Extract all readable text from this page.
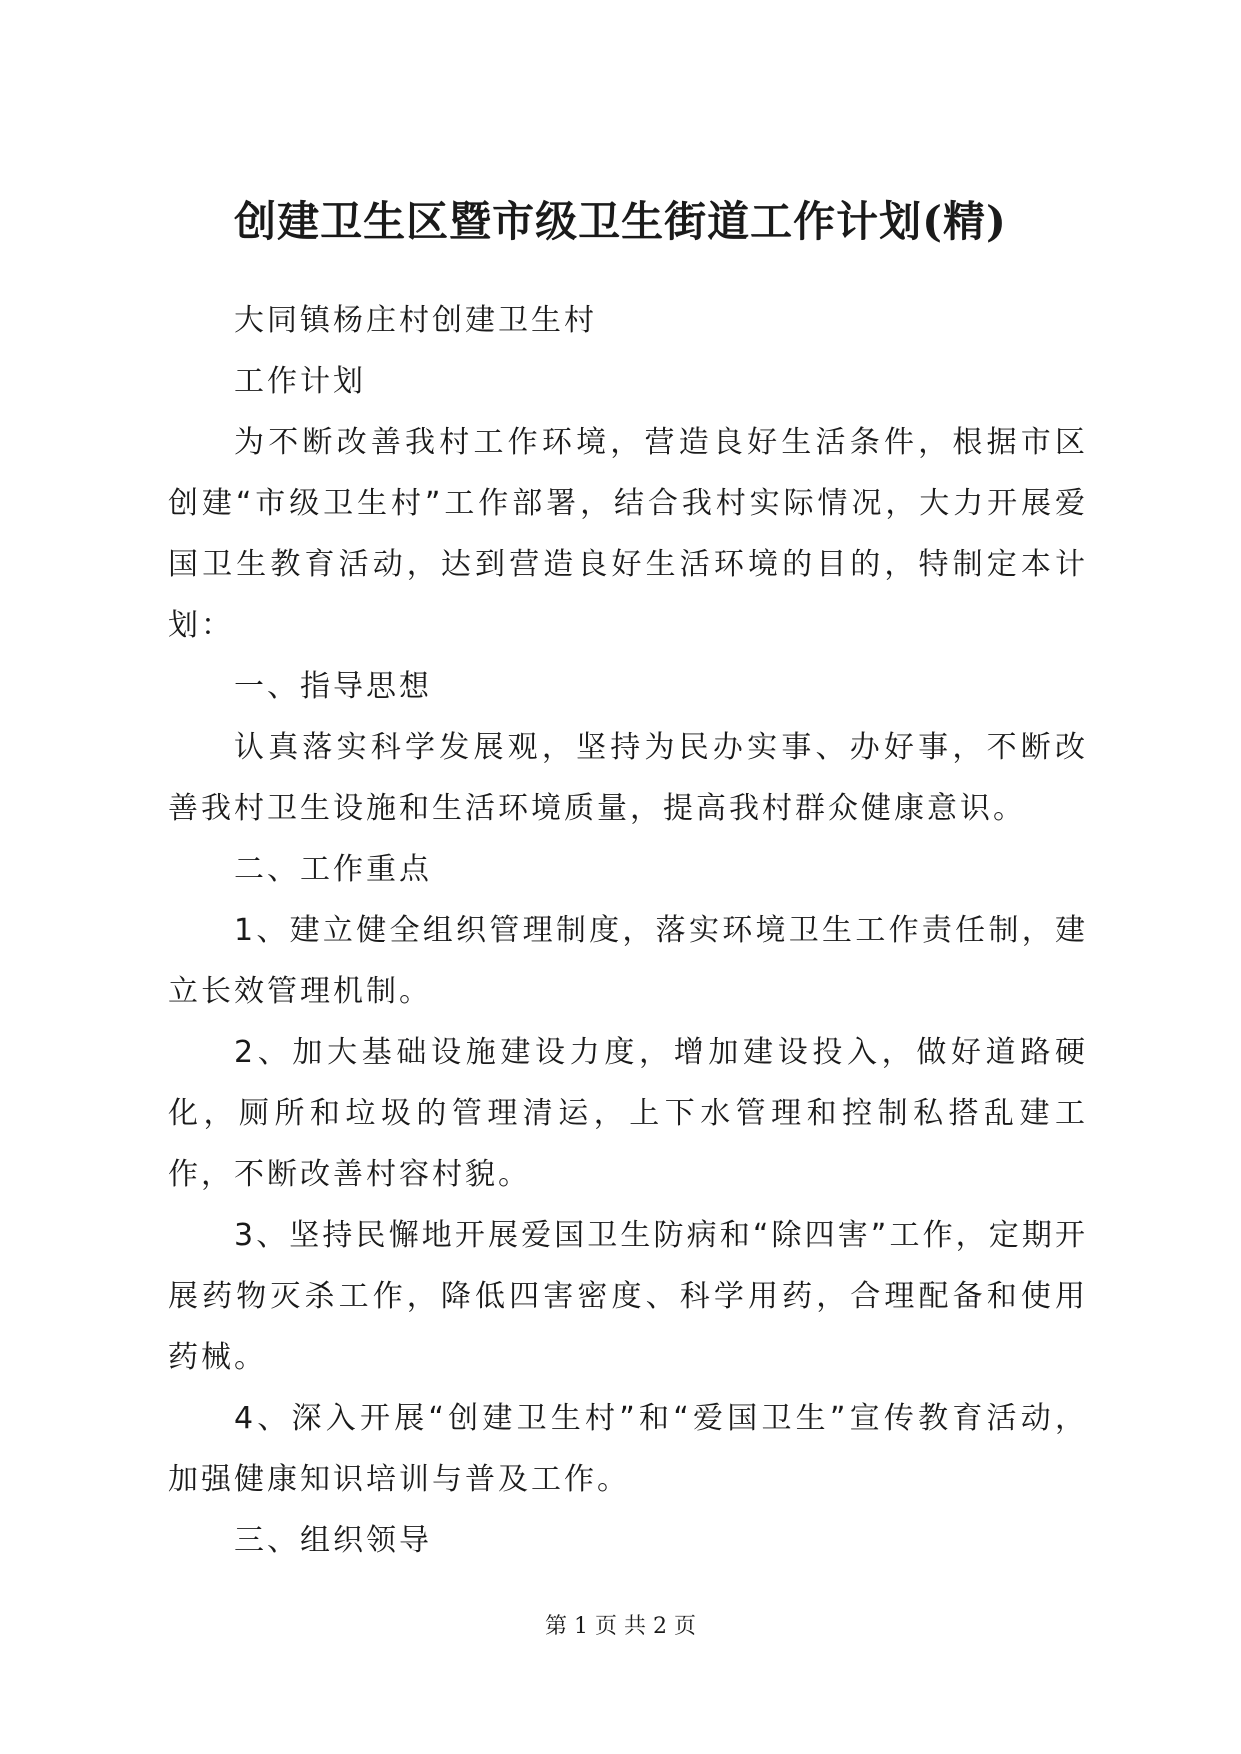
创建卫生区暨市级卫生街道工作计划(精)

大同镇杨庄村创建卫生村

工作计划

为不断改善我村工作环境，营造良好生活条件，根据市区创建“市级卫生村”工作部署，结合我村实际情况，大力开展爱国卫生教育活动，达到营造良好生活环境的目的，特制定本计划：

一、指导思想

认真落实科学发展观，坚持为民办实事、办好事，不断改善我村卫生设施和生活环境质量，提高我村群众健康意识。

二、工作重点

1、建立健全组织管理制度，落实环境卫生工作责任制，建立长效管理机制。

2、加大基础设施建设力度，增加建设投入，做好道路硬化，厕所和垃圾的管理清运，上下水管理和控制私搭乱建工作，不断改善村容村貌。

3、坚持民懈地开展爱国卫生防病和“除四害”工作，定期开展药物灭杀工作，降低四害密度、科学用药，合理配备和使用药械。

4、深入开展“创建卫生村”和“爱国卫生”宣传教育活动，加强健康知识培训与普及工作。

三、组织领导

第 1 页 共 2 页
